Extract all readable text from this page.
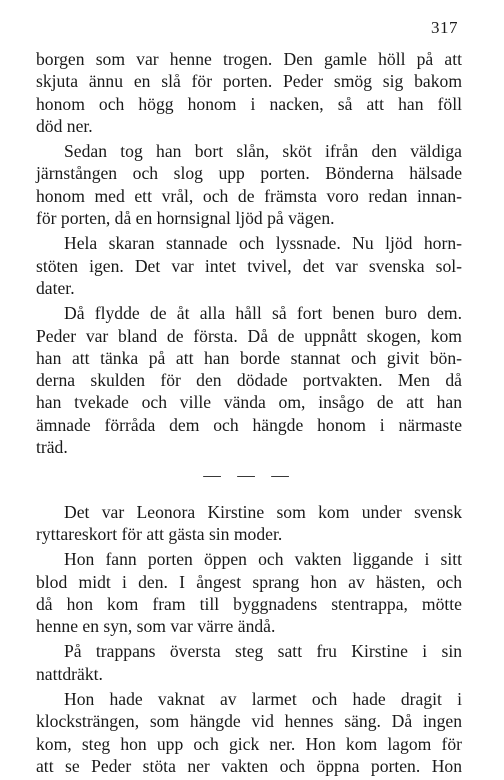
317
borgen som var henne trogen. Den gamle höll på att
skjuta ännu en slå för porten. Peder smög sig bakom
honom och högg honom i nacken, så att han föll
död ner.
Sedan tog han bort slån, sköt ifrån den väldiga
järnstången och slog upp porten. Bönderna hälsade
honom med ett vrål, och de främsta voro redan innan-
för porten, då en hornsignal ljöd på vägen.
Hela skaran stannade och lyssnade. Nu ljöd horn-
stöten igen. Det var intet tvivel, det var svenska sol-
dater.
Då flydde de åt alla håll så fort benen buro dem.
Peder var bland de första. Då de uppnått skogen, kom
han att tänka på att han borde stannat och givit bön-
derna skulden för den dödade portvakten. Men då
han tvekade och ville vända om, insågo de att han
ämnade förråda dem och hängde honom i närmaste
träd.
— — —
Det var Leonora Kirstine som kom under svensk
ryttareskort för att gästa sin moder.
Hon fann porten öppen och vakten liggande i sitt
blod midt i den. I ångest sprang hon av hästen, och
då hon kom fram till byggnadens stentrappa, mötte
henne en syn, som var värre ändå.
På trappans översta steg satt fru Kirstine i sin
nattdräkt.
Hon hade vaknat av larmet och hade dragit i
klocksträngen, som hängde vid hennes säng. Då ingen
kom, steg hon upp och gick ner. Hon kom lagom för
att se Peder stöta ner vakten och öppna porten. Hon
